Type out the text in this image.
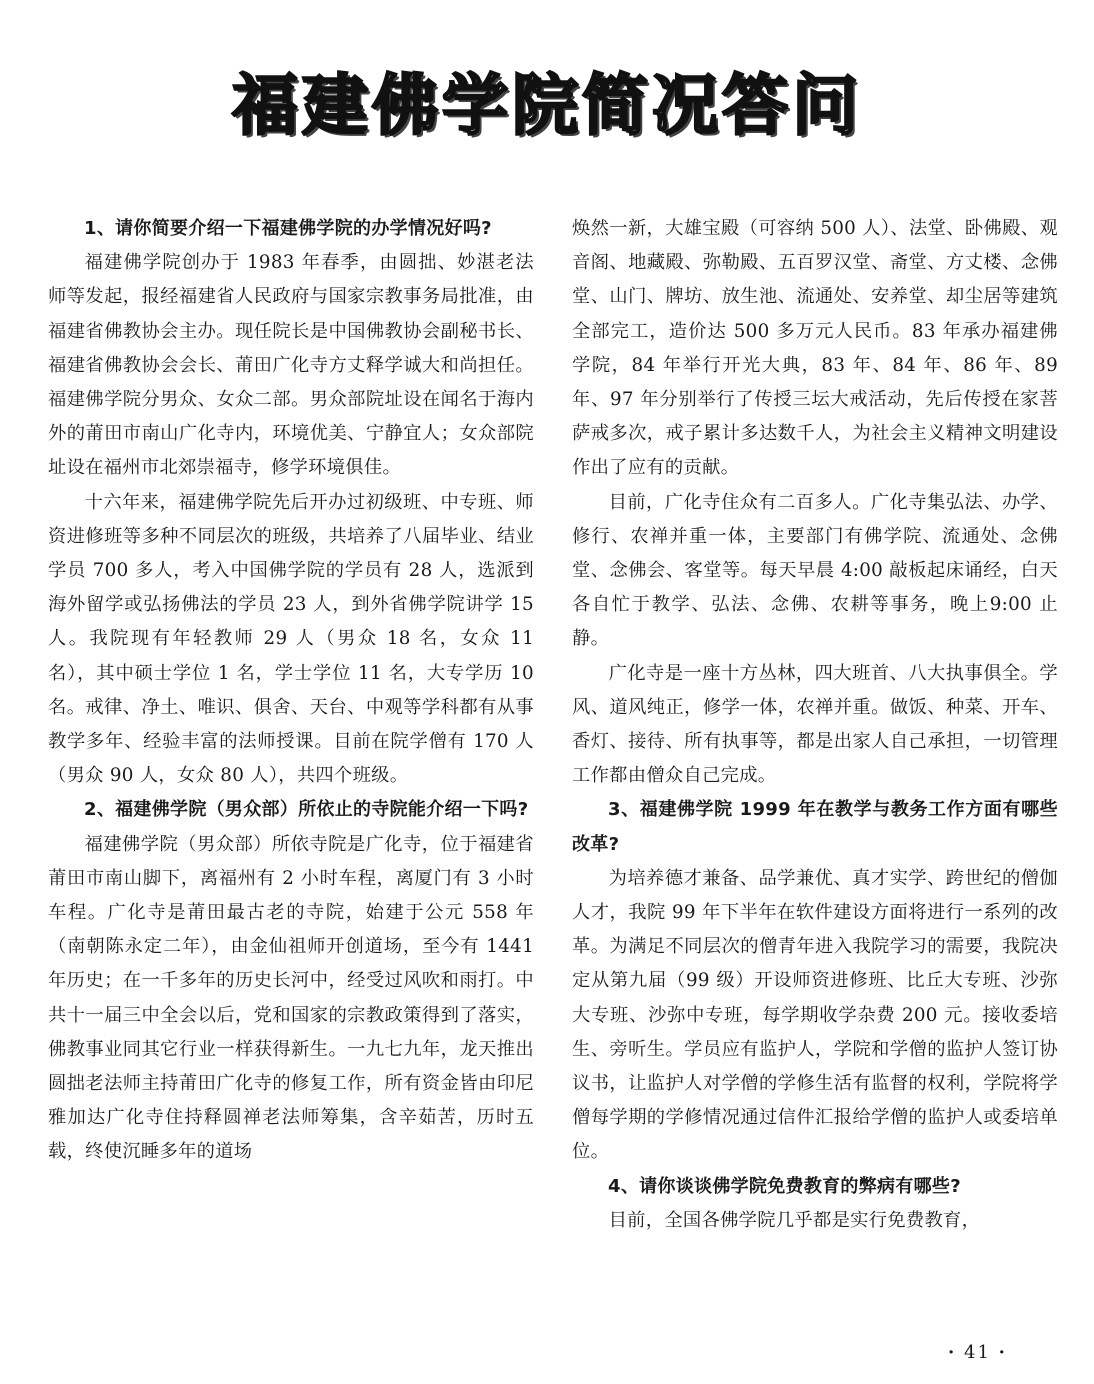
福建佛学院简况答问

1、请你简要介绍一下福建佛学院的办学情况好吗?

福建佛学院创办于 1983 年春季，由圆拙、妙湛老法师等发起，报经福建省人民政府与国家宗教事务局批准，由福建省佛教协会主办。现任院长是中国佛教协会副秘书长、福建省佛教协会会长、莆田广化寺方丈释学诚大和尚担任。福建佛学院分男众、女众二部。男众部院址设在闻名于海内外的莆田市南山广化寺内，环境优美、宁静宜人；女众部院址设在福州市北郊崇福寺，修学环境俱佳。

十六年来，福建佛学院先后开办过初级班、中专班、师资进修班等多种不同层次的班级，共培养了八届毕业、结业学员 700 多人，考入中国佛学院的学员有 28 人，选派到海外留学或弘扬佛法的学员 23 人，到外省佛学院讲学 15 人。我院现有年轻教师 29 人（男众 18 名，女众 11 名），其中硕士学位 1 名，学士学位 11 名，大专学历 10 名。戒律、净土、唯识、俱舍、天台、中观等学科都有从事教学多年、经验丰富的法师授课。目前在院学僧有 170 人（男众 90 人，女众 80 人），共四个班级。

2、福建佛学院（男众部）所依止的寺院能介绍一下吗?

福建佛学院（男众部）所依寺院是广化寺，位于福建省莆田市南山脚下，离福州有 2 小时车程，离厦门有 3 小时车程。广化寺是莆田最古老的寺院，始建于公元 558 年（南朝陈永定二年），由金仙祖师开创道场，至今有 1441 年历史；在一千多年的历史长河中，经受过风吹和雨打。中共十一届三中全会以后，党和国家的宗教政策得到了落实，佛教事业同其它行业一样获得新生。一九七九年，龙天推出圆拙老法师主持莆田广化寺的修复工作，所有资金皆由印尼雅加达广化寺住持释圆禅老法师筹集，含辛茹苦，历时五载，终使沉睡多年的道场

焕然一新，大雄宝殿（可容纳 500 人）、法堂、卧佛殿、观音阁、地藏殿、弥勒殿、五百罗汉堂、斋堂、方丈楼、念佛堂、山门、牌坊、放生池、流通处、安养堂、却尘居等建筑全部完工，造价达 500 多万元人民币。83 年承办福建佛学院，84 年举行开光大典，83 年、84 年、86 年、89 年、97 年分别举行了传授三坛大戒活动，先后传授在家菩萨戒多次，戒子累计多达数千人，为社会主义精神文明建设作出了应有的贡献。

目前，广化寺住众有二百多人。广化寺集弘法、办学、修行、农禅并重一体，主要部门有佛学院、流通处、念佛堂、念佛会、客堂等。每天早晨 4:00 敲板起床诵经，白天各自忙于教学、弘法、念佛、农耕等事务，晚上9:00 止静。

广化寺是一座十方丛林，四大班首、八大执事俱全。学风、道风纯正，修学一体，农禅并重。做饭、种菜、开车、香灯、接待、所有执事等，都是出家人自己承担，一切管理工作都由僧众自己完成。

3、福建佛学院 1999 年在教学与教务工作方面有哪些改革?

为培养德才兼备、品学兼优、真才实学、跨世纪的僧伽人才，我院 99 年下半年在软件建设方面将进行一系列的改革。为满足不同层次的僧青年进入我院学习的需要，我院决定从第九届（99 级）开设师资进修班、比丘大专班、沙弥大专班、沙弥中专班，每学期收学杂费 200 元。接收委培生、旁听生。学员应有监护人，学院和学僧的监护人签订协议书，让监护人对学僧的学修生活有监督的权利，学院将学僧每学期的学修情况通过信件汇报给学僧的监护人或委培单位。

4、请你谈谈佛学院免费教育的弊病有哪些?

目前，全国各佛学院几乎都是实行免费教育，

· 41 ·
